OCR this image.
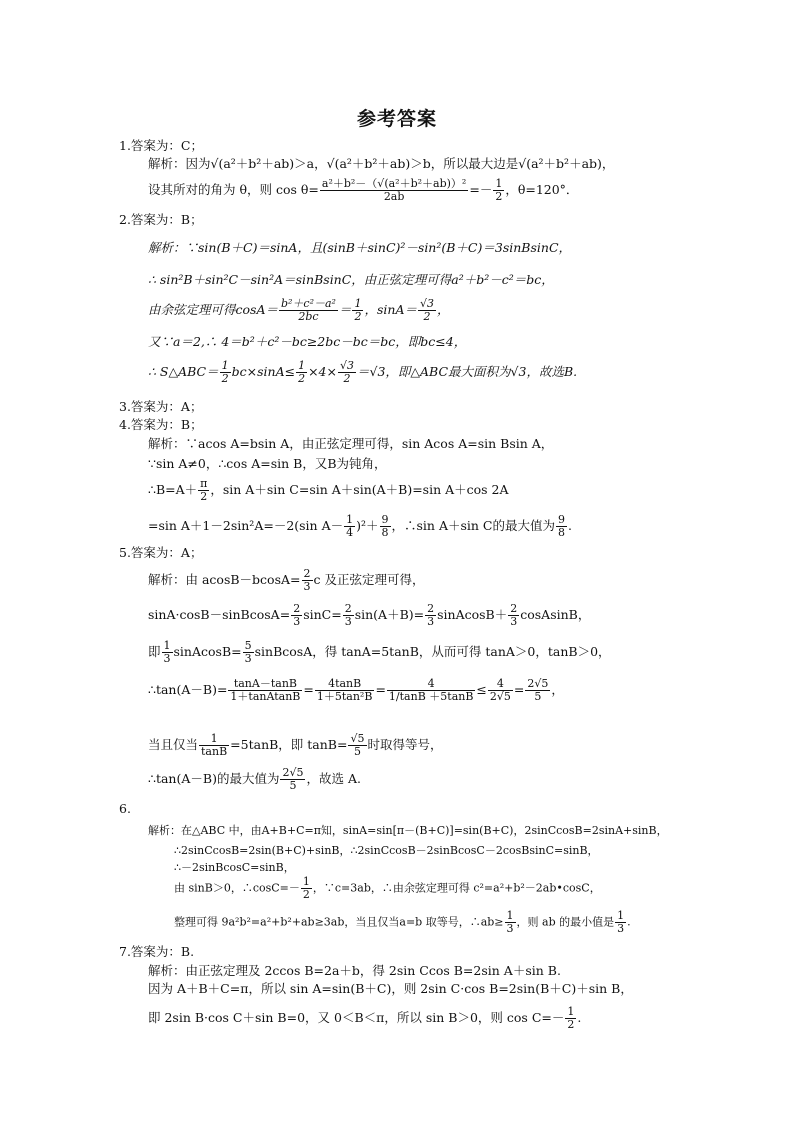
参考答案
1.答案为：C；
解析：因为√(a²＋b²＋ab)＞a，√(a²＋b²＋ab)＞b，所以最大边是√(a²＋b²＋ab)，
设其所对的角为 θ，则 $\cos \theta= \frac{\text{a²＋b²－（√(a²＋b²＋ab)）²}}{2ab} =- \frac{1}{2}$ ，θ=120°．
2.答案为：B；
解析：∵sin(B＋C)＝sinA，且(sinB＋sinC)²－sin²(B＋C)＝3sinBsinC，
∴ sin²B＋sin²C－sin²A＝sinBsinC，由正弦定理可得a²＋b²－c²＝bc，
由余弦定理可得$\cos A= \frac{\text{b²＋c²－a²}}{2bc} = \frac{1}{2}$ ，$\sin A= \frac{√3}{2}$ ，
又∵a＝2,∴ 4＝b²＋c²－bc≥2bc－bc＝bc，即bc≤4，
∴ S△ABC＝ $\frac{1}{2} bc\times\sin A\le \frac{1}{2} \times 4\times \frac{√3}{2} =√3$，即△ABC最大面积为√3，故选B.
3.答案为：A；
4.答案为：B；
解析：∵acos A=bsin A，由正弦定理可得，sin Acos A=sin Bsin A，
∵sin A≠0，∴cos A=sin B，又B为钝角，
∴B=A＋ $\frac{\pi}{2}$ ，sin A＋sin C=sin A＋sin(A＋B)=sin A＋cos 2A
=sin A＋1－2sin²A=－2(sin $A- \frac{1}{4} )^2+ \frac{9}{8}$ ，∴sin A＋sin C的最大值为 $\frac{9}{8}$ .
5.答案为：A；
解析：由 $acosB-bcosA= \frac{2}{3}$ c 及正弦定理可得，
sinA·cosB－sinBcosA= $\frac{2}{3} \sin C= \frac{2}{3} \sin(A+B)= \frac{2}{3}$ sinAcosB＋ $\frac{2}{3}$ cosAsinB，
即 $\frac{1}{3}$ sinAcosB= $\frac{5}{3}$ sinBcosA，得 tanA=5tanB，从而可得 tanA＞0，tanB＞0，
∴tan(A－B)= $\frac{\tan A-\tan B}{\text{1＋tanAtanB}} = \frac{4\tan B}{\text{1＋5tan²B}} = \frac{4}{1/\tan B +5\tan B} \le \frac{4}{2√5} = \frac{2√5}{5}$ ，
当且仅当 $\frac{1}{\tan B} =5\tan B$，即 $\tan B= \frac{√5}{5}$ 时取得等号，
∴tan(A－B)的最大值为 $\frac{2√5}{5}$ ，故选 A.
6.
解析：在△ABC 中，由A+B+C=π知，sinA=sin[π－(B+C)]=sin(B+C)，2sinCcosB=2sinA+sinB，
∴2sinCcosB=2sin(B+C)+sinB，∴2sinCcosB－2sinBcosC－2cosBsinC=sinB，
∴－2sinBcosC=sinB，
由 sinB＞0，∴cosC=－ $\frac{1}{2}$ ，∵c=3ab，∴由余弦定理可得 c²=a²+b²－2ab•cosC，
整理可得 9a²b²=a²+b²+ab≥3ab，当且仅当a=b 取等号，∴ab≥ $\frac{1}{3}$ ，则 ab 的最小值是 $\frac{1}{3}$ .
7.答案为：B.
解析：由正弦定理及 2ccos B=2a＋b，得 2sin Ccos B=2sin A＋sin B.
因为 A＋B＋C=π，所以 sin A=sin(B＋C)，则 2sin C·cos B=2sin(B＋C)＋sin B，
即 2sin B·cos C＋sin B=0，又 0＜B＜π，所以 sin B＞0，则 $\cos C=- \frac{1}{2}$ .
